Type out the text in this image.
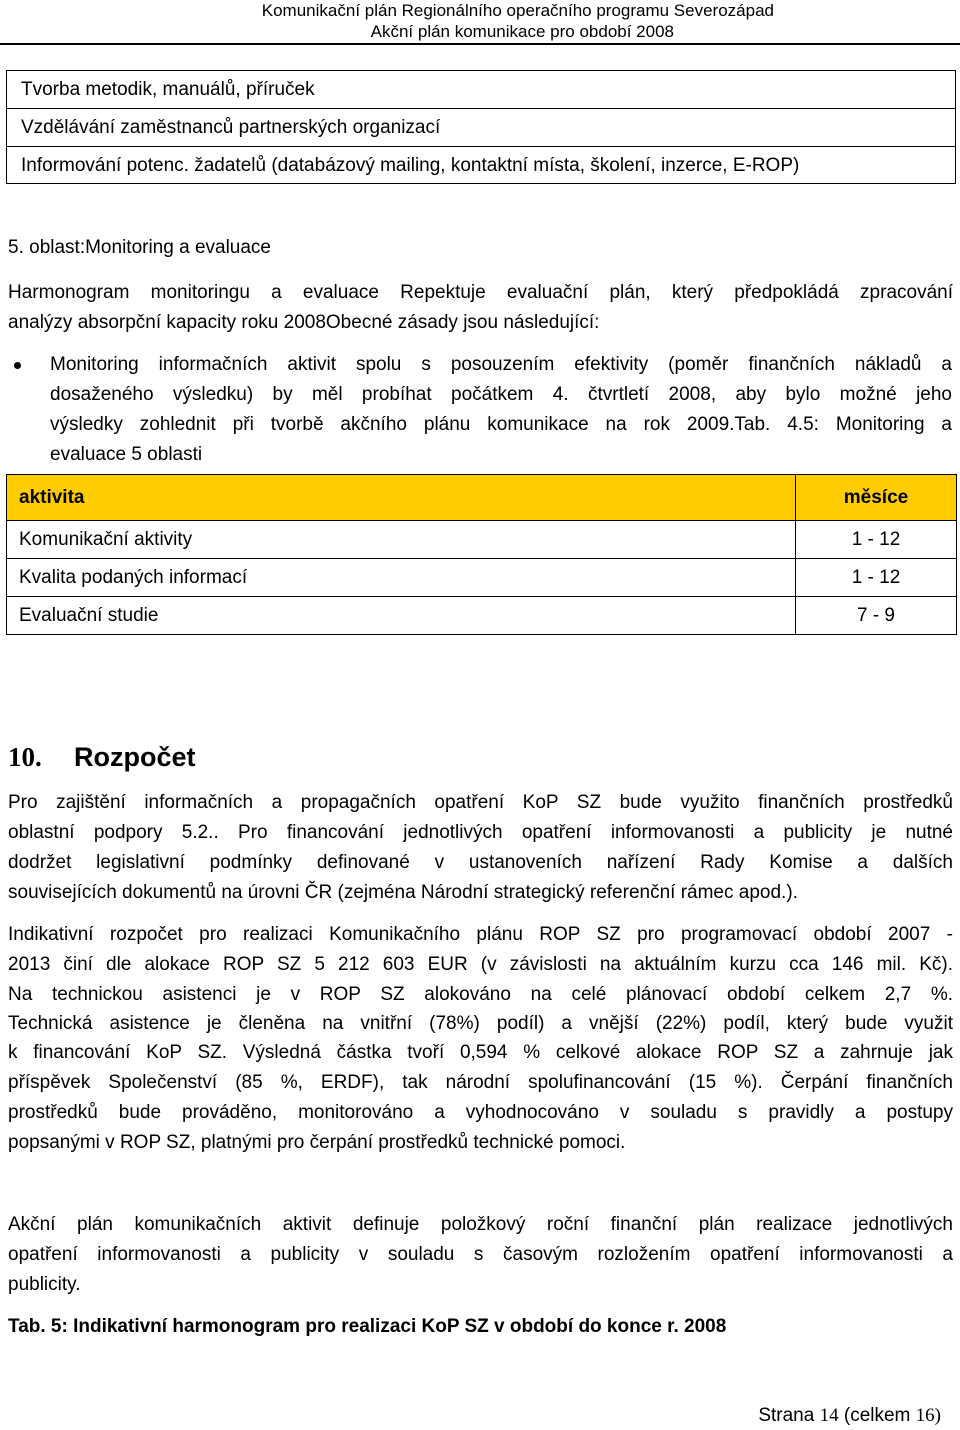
Komunikační plán Regionálního operačního programu Severozápad
Akční plán komunikace pro období 2008
Tvorba metodik, manuálů, příruček
Vzdělávání zaměstnanců partnerských organizací
Informování potenc. žadatelů (databázový mailing, kontaktní místa, školení, inzerce, E-ROP)
5. oblast:Monitoring a evaluace
Harmonogram monitoringu a evaluace Repektuje evaluační plán, který předpokládá zpracování
analýzy absorpční kapacity roku 2008Obecné zásady jsou následující:
Monitoring informačních aktivit spolu s posouzením efektivity (poměr finančních nákladů a
dosaženého výsledku) by měl probíhat počátkem 4. čtvrtletí 2008, aby bylo možné jeho
výsledky zohlednit při tvorbě akčního plánu komunikace na rok 2009.Tab. 4.5: Monitoring a
evaluace 5 oblasti
aktivita	měsíce
Komunikační aktivity	1 - 12
Kvalita podaných informací	1 - 12
Evaluační studie	7 - 9
10. Rozpočet
Pro zajištění informačních a propagačních opatření KoP SZ bude využito finančních prostředků
oblastní podpory 5.2.. Pro financování jednotlivých opatření informovanosti a publicity je nutné
dodržet legislativní podmínky definované v ustanoveních nařízení Rady Komise a dalších
souvisejících dokumentů na úrovni ČR (zejména Národní strategický referenční rámec apod.).
Indikativní rozpočet pro realizaci Komunikačního plánu ROP SZ pro programovací období 2007 -
2013 činí dle alokace ROP SZ 5 212 603 EUR (v závislosti na aktuálním kurzu cca 146 mil. Kč).
Na technickou asistenci je v ROP SZ alokováno na celé plánovací období celkem 2,7 %.
Technická asistence je členěna na vnitřní (78%) podíl) a vnější (22%) podíl, který bude využit
k financování KoP SZ. Výsledná částka tvoří 0,594 % celkové alokace ROP SZ a zahrnuje jak
příspěvek Společenství (85 %, ERDF), tak národní spolufinancování (15 %). Čerpání finančních
prostředků bude prováděno, monitorováno a vyhodnocováno v souladu s pravidly a postupy
popsanými v ROP SZ, platnými pro čerpání prostředků technické pomoci.
Akční plán komunikačních aktivit definuje položkový roční finanční plán realizace jednotlivých
opatření informovanosti a publicity v souladu s časovým rozložením opatření informovanosti a
publicity.
Tab. 5: Indikativní harmonogram pro realizaci KoP SZ v období do konce r. 2008
Strana 14 (celkem 16)
